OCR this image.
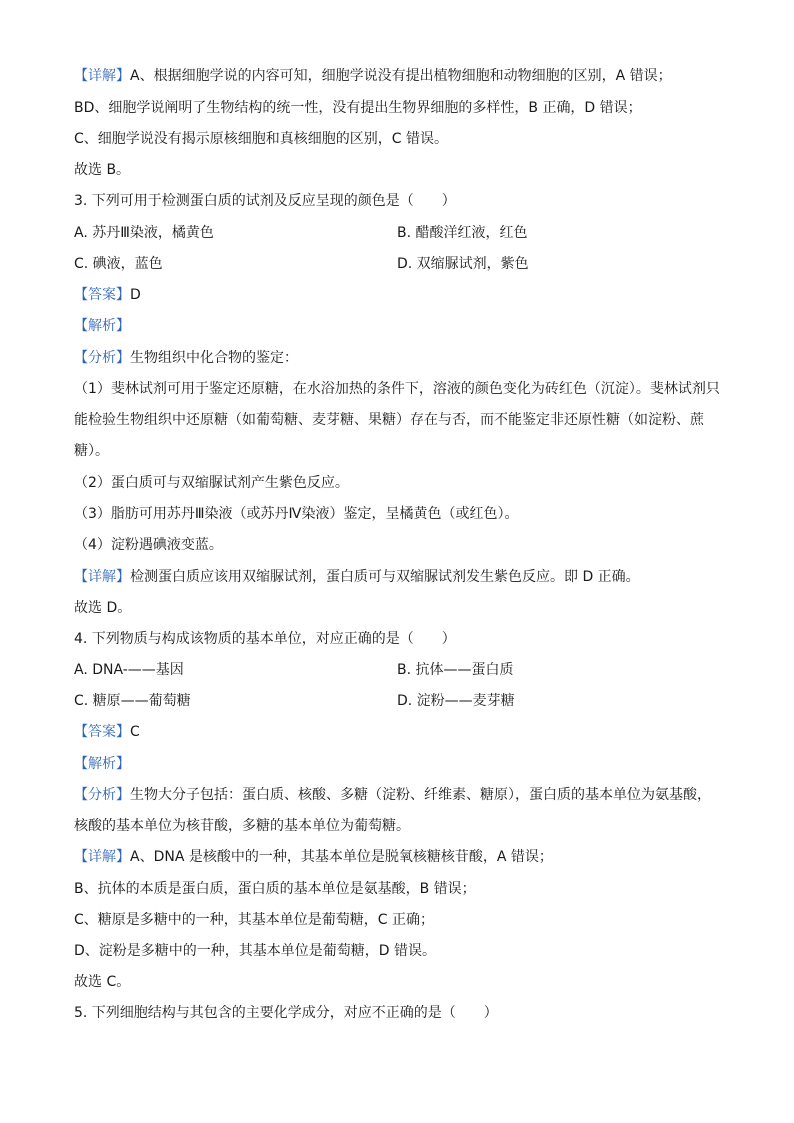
【详解】A、根据细胞学说的内容可知，细胞学说没有提出植物细胞和动物细胞的区别，A 错误；
BD、细胞学说阐明了生物结构的统一性，没有提出生物界细胞的多样性，B 正确，D 错误；
C、细胞学说没有揭示原核细胞和真核细胞的区别，C 错误。
故选 B。
3. 下列可用于检测蛋白质的试剂及反应呈现的颜色是（　　）
A. 苏丹Ⅲ染液，橘黄色	B. 醋酸洋红液，红色
C. 碘液，蓝色	D. 双缩脲试剂，紫色
【答案】D
【解析】
【分析】生物组织中化合物的鉴定：
（1）斐林试剂可用于鉴定还原糖，在水浴加热的条件下，溶液的颜色变化为砖红色（沉淀）。斐林试剂只
能检验生物组织中还原糖（如葡萄糖、麦芽糖、果糖）存在与否，而不能鉴定非还原性糖（如淀粉、蔗
糖）。
（2）蛋白质可与双缩脲试剂产生紫色反应。
（3）脂肪可用苏丹Ⅲ染液（或苏丹Ⅳ染液）鉴定，呈橘黄色（或红色）。
（4）淀粉遇碘液变蓝。
【详解】检测蛋白质应该用双缩脲试剂，蛋白质可与双缩脲试剂发生紫色反应。即 D 正确。
故选 D。
4. 下列物质与构成该物质的基本单位，对应正确的是（　　）
A. DNA-——基因	B. 抗体——蛋白质
C. 糖原——葡萄糖	D. 淀粉——麦芽糖
【答案】C
【解析】
【分析】生物大分子包括：蛋白质、核酸、多糖（淀粉、纤维素、糖原），蛋白质的基本单位为氨基酸，
核酸的基本单位为核苷酸，多糖的基本单位为葡萄糖。
【详解】A、DNA 是核酸中的一种，其基本单位是脱氧核糖核苷酸，A 错误；
B、抗体的本质是蛋白质，蛋白质的基本单位是氨基酸，B 错误；
C、糖原是多糖中的一种，其基本单位是葡萄糖，C 正确；
D、淀粉是多糖中的一种，其基本单位是葡萄糖，D 错误。
故选 C。
5. 下列细胞结构与其包含的主要化学成分，对应不正确的是（　　）
